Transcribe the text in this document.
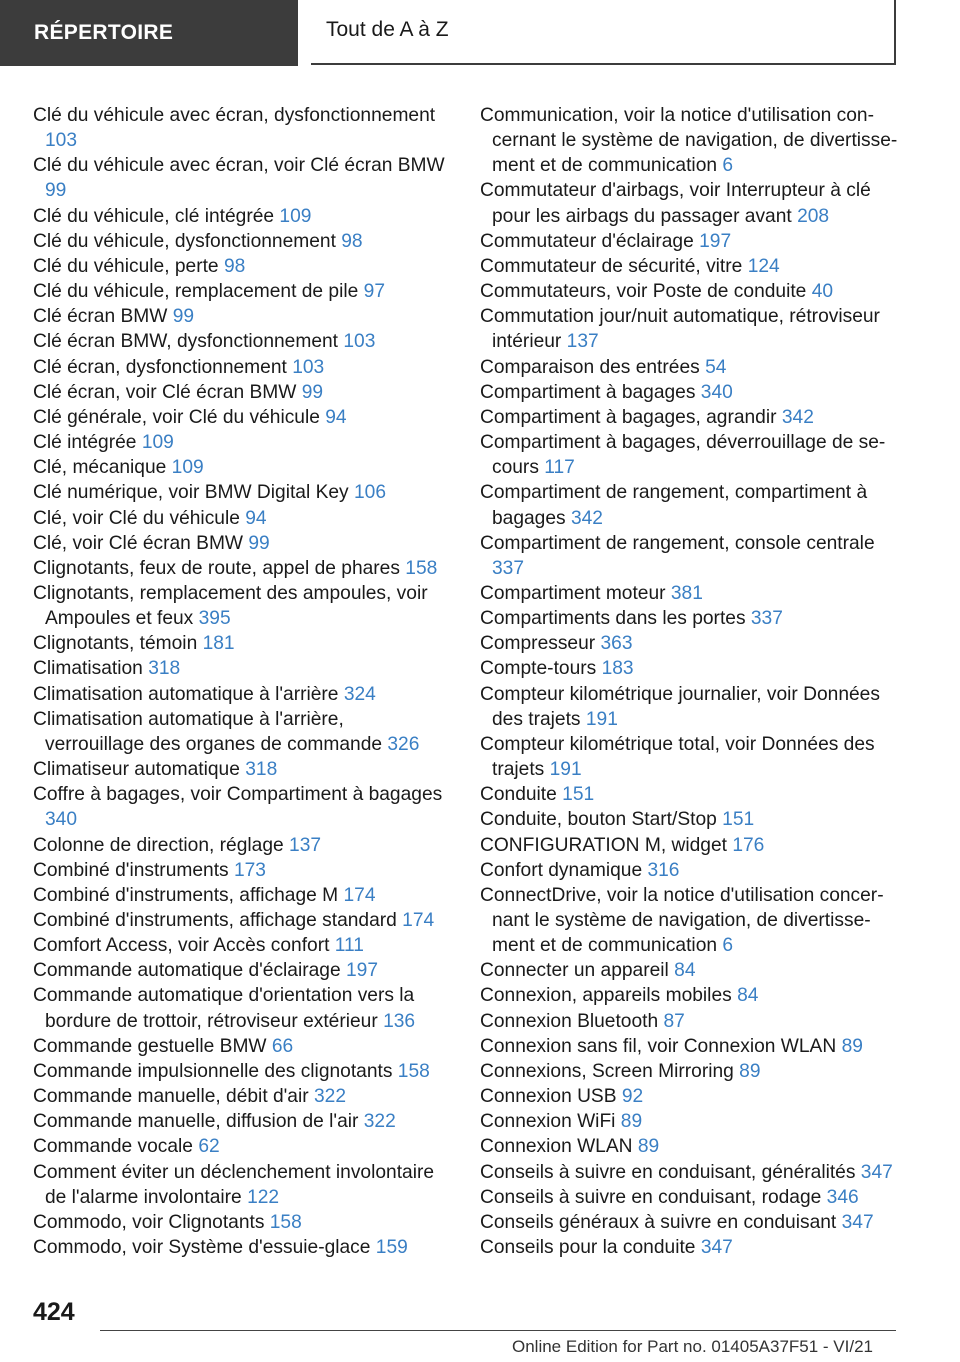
RÉPERTOIRE	Tout de A à Z
Clé du véhicule avec écran, dysfonctionnement 103
Clé du véhicule avec écran, voir Clé écran BMW 99
Clé du véhicule, clé intégrée 109
Clé du véhicule, dysfonctionnement 98
Clé du véhicule, perte 98
Clé du véhicule, remplacement de pile 97
Clé écran BMW 99
Clé écran BMW, dysfonctionnement 103
Clé écran, dysfonctionnement 103
Clé écran, voir Clé écran BMW 99
Clé générale, voir Clé du véhicule 94
Clé intégrée 109
Clé, mécanique 109
Clé numérique, voir BMW Digital Key 106
Clé, voir Clé du véhicule 94
Clé, voir Clé écran BMW 99
Clignotants, feux de route, appel de phares 158
Clignotants, remplacement des ampoules, voir Ampoules et feux 395
Clignotants, témoin 181
Climatisation 318
Climatisation automatique à l'arrière 324
Climatisation automatique à l'arrière, verrouillage des organes de commande 326
Climatiseur automatique 318
Coffre à bagages, voir Compartiment à bagages 340
Colonne de direction, réglage 137
Combiné d'instruments 173
Combiné d'instruments, affichage M 174
Combiné d'instruments, affichage standard 174
Comfort Access, voir Accès confort 111
Commande automatique d'éclairage 197
Commande automatique d'orientation vers la bordure de trottoir, rétroviseur extérieur 136
Commande gestuelle BMW 66
Commande impulsionnelle des clignotants 158
Commande manuelle, débit d'air 322
Commande manuelle, diffusion de l'air 322
Commande vocale 62
Comment éviter un déclenchement involontaire de l'alarme involontaire 122
Commodo, voir Clignotants 158
Commodo, voir Système d'essuie-glace 159
Communication, voir la notice d'utilisation concernant le système de navigation, de divertissement et de communication 6
Commutateur d'airbags, voir Interrupteur à clé pour les airbags du passager avant 208
Commutateur d'éclairage 197
Commutateur de sécurité, vitre 124
Commutateurs, voir Poste de conduite 40
Commutation jour/nuit automatique, rétroviseur intérieur 137
Comparaison des entrées 54
Compartiment à bagages 340
Compartiment à bagages, agrandir 342
Compartiment à bagages, déverrouillage de secours 117
Compartiment de rangement, compartiment à bagages 342
Compartiment de rangement, console centrale 337
Compartiment moteur 381
Compartiments dans les portes 337
Compresseur 363
Compte-tours 183
Compteur kilométrique journalier, voir Données des trajets 191
Compteur kilométrique total, voir Données des trajets 191
Conduite 151
Conduite, bouton Start/Stop 151
CONFIGURATION M, widget 176
Confort dynamique 316
ConnectDrive, voir la notice d'utilisation concernant le système de navigation, de divertissement et de communication 6
Connecter un appareil 84
Connexion, appareils mobiles 84
Connexion Bluetooth 87
Connexion sans fil, voir Connexion WLAN 89
Connexions, Screen Mirroring 89
Connexion USB 92
Connexion WiFi 89
Connexion WLAN 89
Conseils à suivre en conduisant, généralités 347
Conseils à suivre en conduisant, rodage 346
Conseils généraux à suivre en conduisant 347
Conseils pour la conduite 347
424
Online Edition for Part no. 01405A37F51 - VI/21
